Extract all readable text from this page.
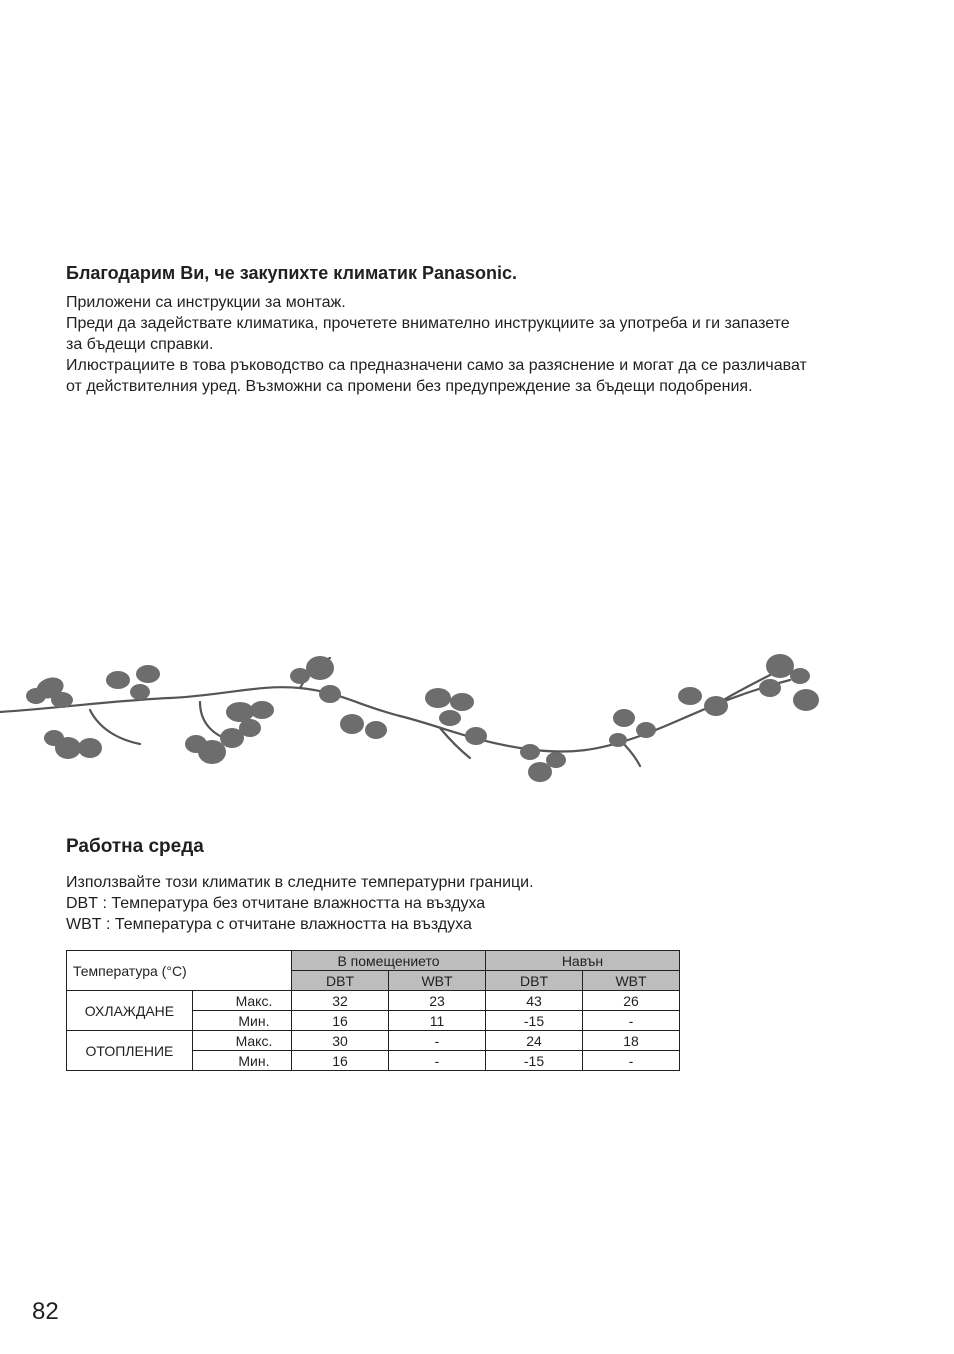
Благодарим Ви, че закупихте климатик Panasonic.

Приложени са инструкции за монтаж.

Преди да задействате климатика, прочетете внимателно инструкциите за употреба и ги запазете

за бъдещи справки.

Илюстрациите в това ръководство са предназначени само за разяснение и могат да се различават

от действителния уред. Възможни са промени без предупреждение за бъдещи подобрения.

Работна среда

Използвайте този климатик в следните температурни граници.

DBT : Температура без отчитане влажността на въздуха
WBT : Температура с отчитане влажността на въздуха
Температура (°C)		В помещението		Навън	
		DBT	WBT	DBT	WBT
ОХЛАЖДАНЕ	Макс.	32	23	43	26
	Мин.	16	11	-15	-
ОТОПЛЕНИЕ	Макс.	30	-	24	18
	Мин.	16	-	-15	-
82
